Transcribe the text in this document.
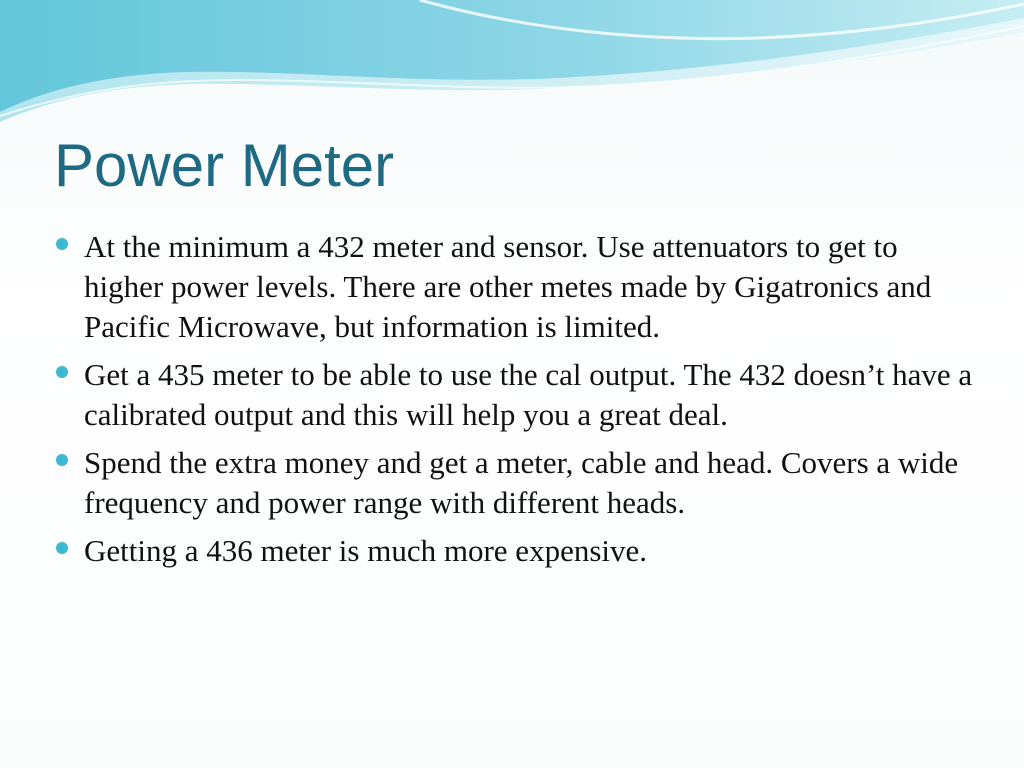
Power Meter
At the minimum a 432 meter and sensor. Use attenuators to get to higher power levels. There are other metes made by Gigatronics and Pacific Microwave, but information is limited.
Get a 435 meter to be able to use the cal output. The 432 doesn’t have a calibrated output and this will help you a great deal.
Spend the extra money and get a meter, cable and head. Covers a wide frequency and power range with different heads.
Getting a 436 meter is much more expensive.
